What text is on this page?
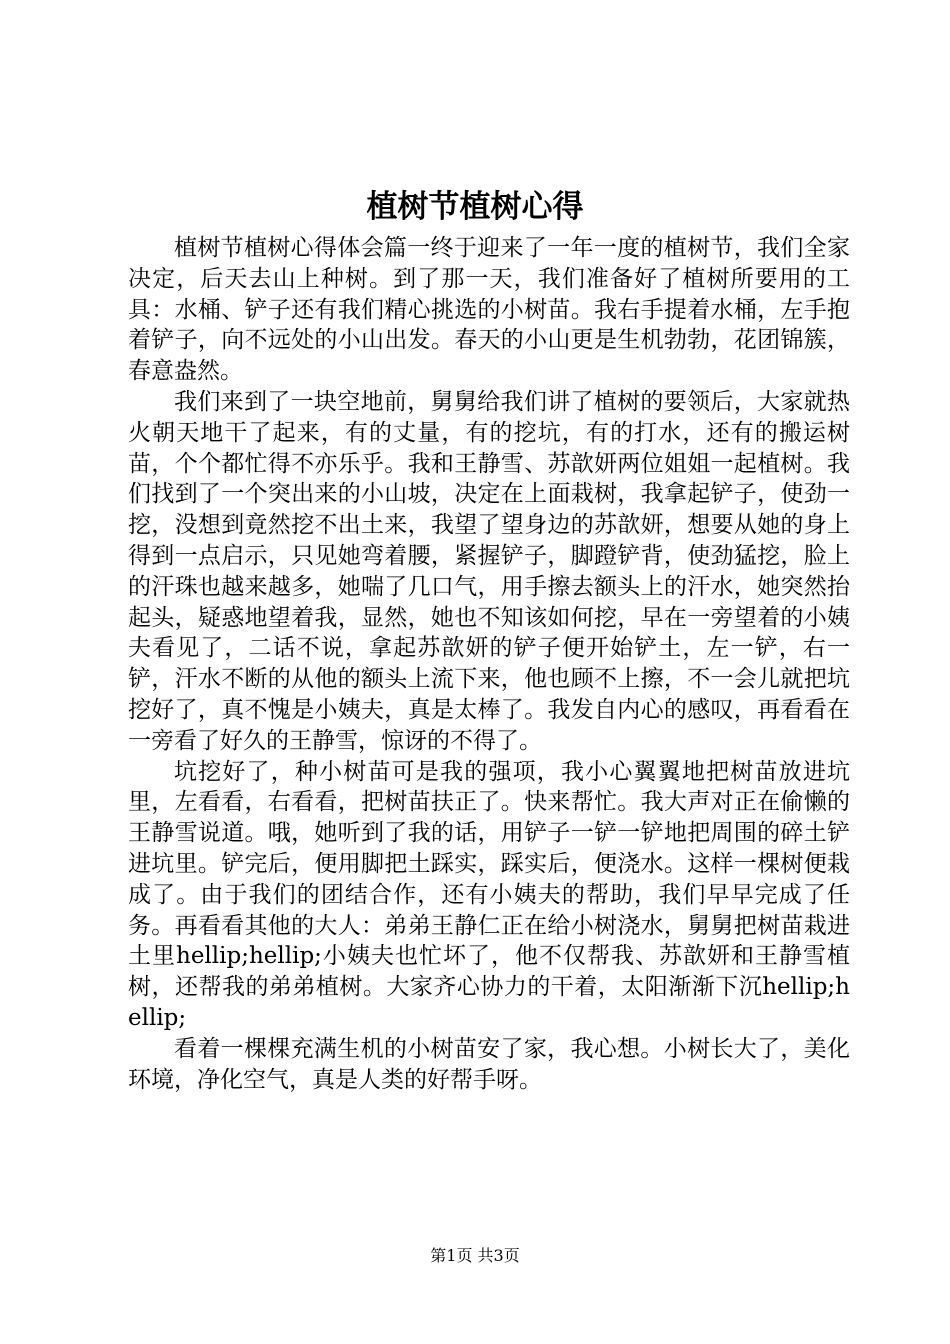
植树节植树心得

植树节植树心得体会篇一终于迎来了一年一度的植树节，我们全家决定，后天去山上种树。到了那一天，我们准备好了植树所要用的工具：水桶、铲子还有我们精心挑选的小树苗。我右手提着水桶，左手抱着铲子，向不远处的小山出发。春天的小山更是生机勃勃，花团锦簇，春意盎然。

我们来到了一块空地前，舅舅给我们讲了植树的要领后，大家就热火朝天地干了起来，有的丈量，有的挖坑，有的打水，还有的搬运树苗，个个都忙得不亦乐乎。我和王静雪、苏歆妍两位姐姐一起植树。我们找到了一个突出来的小山坡，决定在上面栽树，我拿起铲子，使劲一挖，没想到竟然挖不出土来，我望了望身边的苏歆妍，想要从她的身上得到一点启示，只见她弯着腰，紧握铲子，脚蹬铲背，使劲猛挖，脸上的汗珠也越来越多，她喘了几口气，用手擦去额头上的汗水，她突然抬起头，疑惑地望着我，显然，她也不知该如何挖，早在一旁望着的小姨夫看见了，二话不说，拿起苏歆妍的铲子便开始铲土，左一铲，右一铲，汗水不断的从他的额头上流下来，他也顾不上擦，不一会儿就把坑挖好了，真不愧是小姨夫，真是太棒了。我发自内心的感叹，再看看在一旁看了好久的王静雪，惊讶的不得了。

坑挖好了，种小树苗可是我的强项，我小心翼翼地把树苗放进坑里，左看看，右看看，把树苗扶正了。快来帮忙。我大声对正在偷懒的王静雪说道。哦，她听到了我的话，用铲子一铲一铲地把周围的碎土铲进坑里。铲完后，便用脚把土踩实，踩实后，便浇水。这样一棵树便栽成了。由于我们的团结合作，还有小姨夫的帮助，我们早早完成了任务。再看看其他的大人：弟弟王静仁正在给小树浇水，舅舅把树苗栽进土里hellip;hellip;小姨夫也忙坏了，他不仅帮我、苏歆妍和王静雪植树，还帮我的弟弟植树。大家齐心协力的干着，太阳渐渐下沉hellip;hellip;

看着一棵棵充满生机的小树苗安了家，我心想。小树长大了，美化环境，净化空气，真是人类的好帮手呀。

第1页 共3页
